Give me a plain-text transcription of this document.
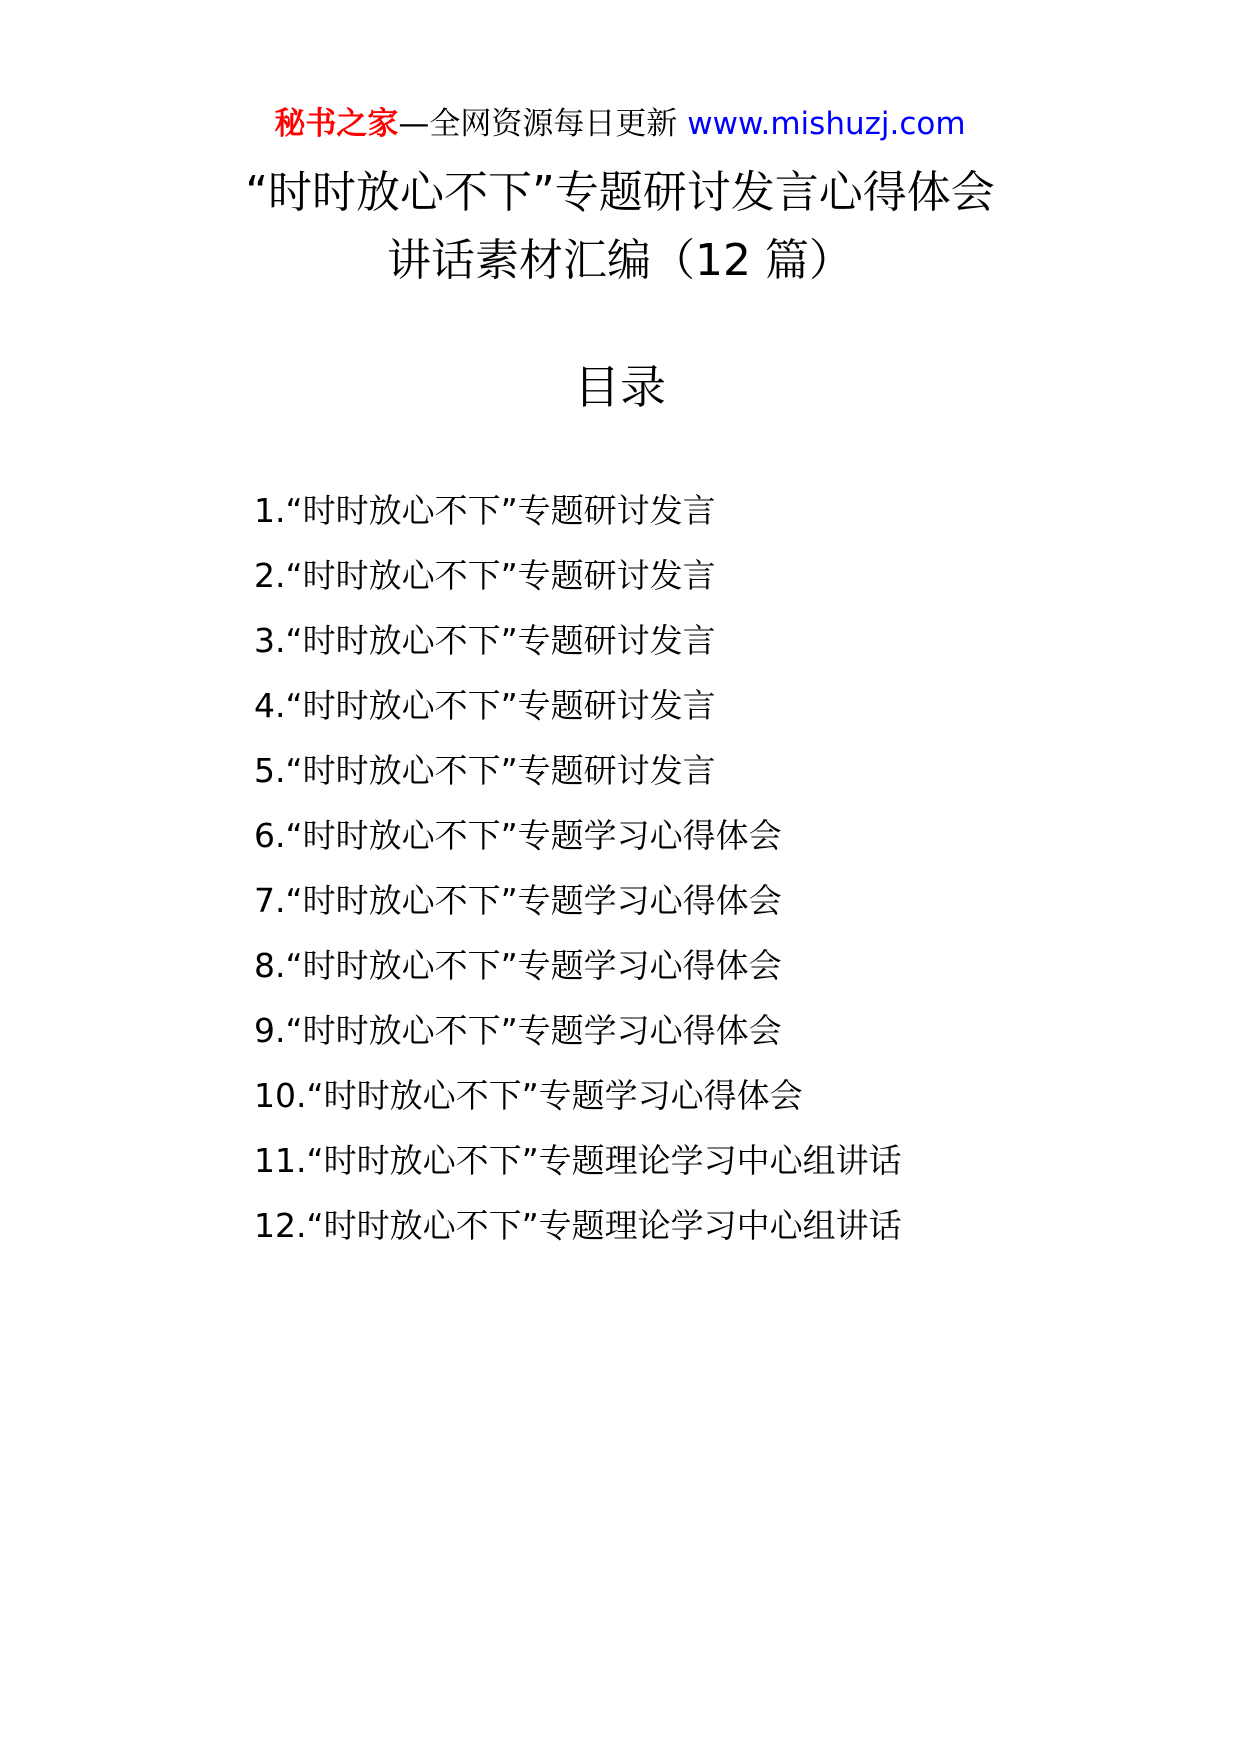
秘书之家—全网资源每日更新 www.mishuzj.com
“时时放心不下”专题研讨发言心得体会
讲话素材汇编（12 篇）
目录
1.“时时放心不下”专题研讨发言
2.“时时放心不下”专题研讨发言
3.“时时放心不下”专题研讨发言
4.“时时放心不下”专题研讨发言
5.“时时放心不下”专题研讨发言
6.“时时放心不下”专题学习心得体会
7.“时时放心不下”专题学习心得体会
8.“时时放心不下”专题学习心得体会
9.“时时放心不下”专题学习心得体会
10.“时时放心不下”专题学习心得体会
11.“时时放心不下”专题理论学习中心组讲话
12.“时时放心不下”专题理论学习中心组讲话
